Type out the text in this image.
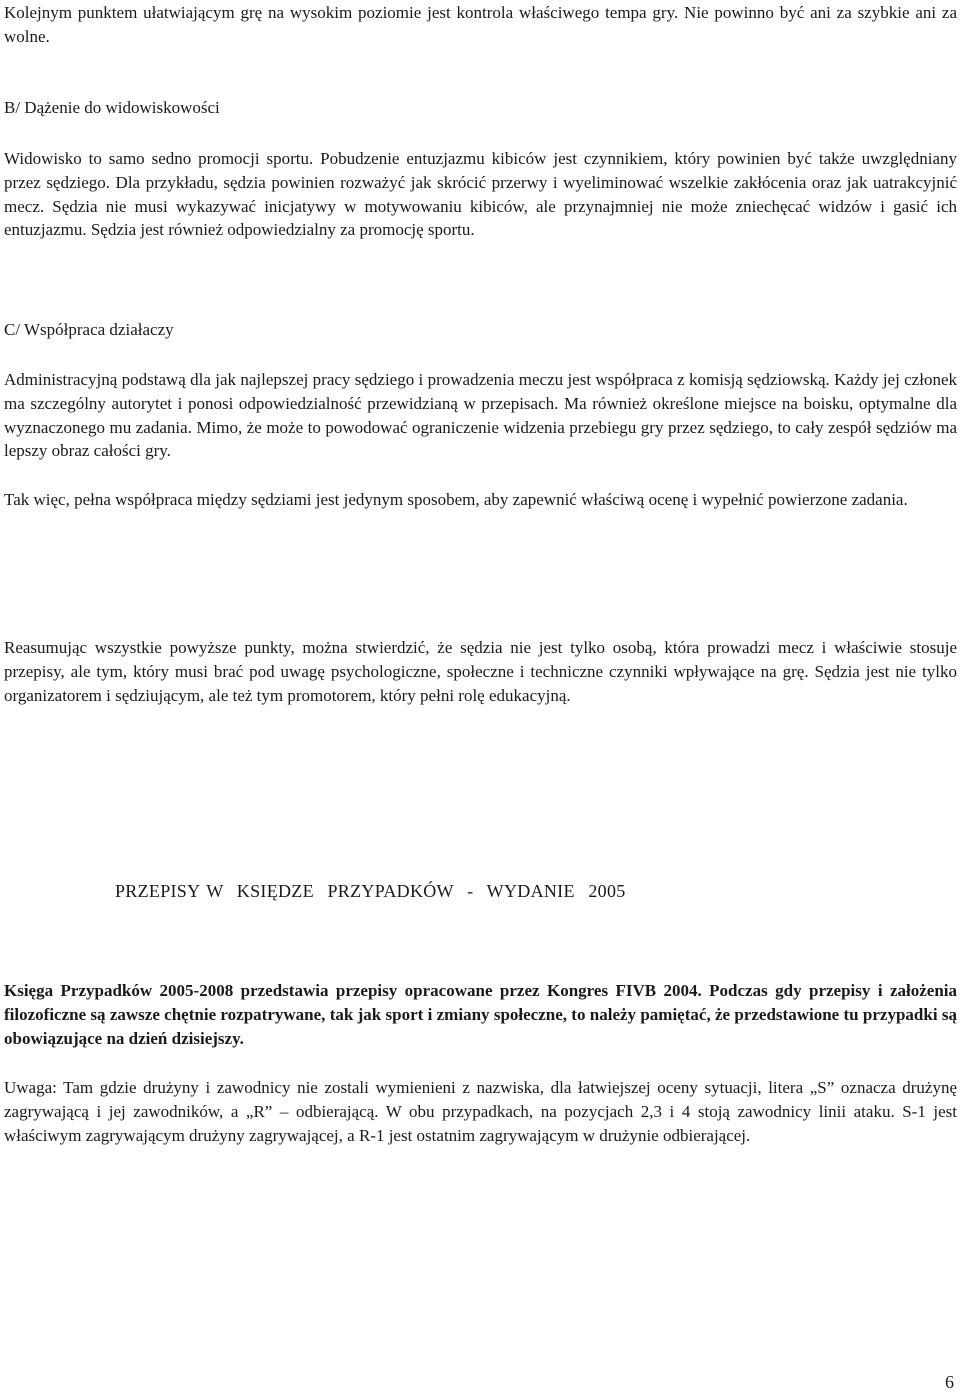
Kolejnym punktem ułatwiającym grę na wysokim poziomie jest kontrola właściwego tempa gry. Nie powinno być ani za szybkie ani za wolne.

B/ Dążenie do widowiskowości

Widowisko to samo sedno promocji sportu. Pobudzenie entuzjazmu kibiców jest czynnikiem, który powinien być także uwzględniany przez sędziego. Dla przykładu, sędzia powinien rozważyć jak skrócić przerwy i wyeliminować wszelkie zakłócenia oraz jak uatrakcyjnić mecz. Sędzia nie musi wykazywać inicjatywy w motywowaniu kibiców, ale przynajmniej nie może zniechęcać widzów i gasić ich entuzjazmu. Sędzia jest również odpowiedzialny za promocję sportu.

C/ Współpraca działaczy

Administracyjną podstawą dla jak najlepszej pracy sędziego i prowadzenia meczu jest współpraca z komisją sędziowską. Każdy jej członek ma szczególny autorytet i ponosi odpowiedzialność przewidzianą w przepisach. Ma również określone miejsce na boisku, optymalne dla wyznaczonego mu zadania. Mimo, że może to powodować ograniczenie widzenia przebiegu gry przez sędziego, to cały zespół sędziów ma lepszy obraz całości gry.

Tak więc, pełna współpraca między sędziami jest jedynym sposobem, aby zapewnić właściwą ocenę i wypełnić powierzone zadania.

Reasumując wszystkie powyższe punkty, można stwierdzić, że sędzia nie jest tylko osobą, która prowadzi mecz i właściwie stosuje przepisy, ale tym, który musi brać pod uwagę psychologiczne, społeczne i techniczne czynniki wpływające na grę. Sędzia jest nie tylko organizatorem i sędziującym, ale też tym promotorem, który pełni rolę edukacyjną.

PRZEPISY W  KSIĘDZE  PRZYPADKÓW  -  WYDANIE  2005

Księga Przypadków 2005-2008 przedstawia przepisy opracowane przez Kongres FIVB 2004. Podczas gdy przepisy i założenia filozoficzne są zawsze chętnie rozpatrywane, tak jak sport i zmiany społeczne, to należy pamiętać, że przedstawione tu przypadki są obowiązujące na dzień dzisiejszy.

Uwaga: Tam gdzie drużyny i zawodnicy nie zostali wymienieni z nazwiska, dla łatwiejszej oceny sytuacji, litera „S” oznacza drużynę zagrywającą i jej zawodników, a „R” – odbierającą. W obu przypadkach, na pozycjach 2,3 i 4 stoją zawodnicy linii ataku. S-1 jest właściwym zagrywającym drużyny zagrywającej, a R-1 jest ostatnim zagrywającym w drużynie odbierającej.

6
